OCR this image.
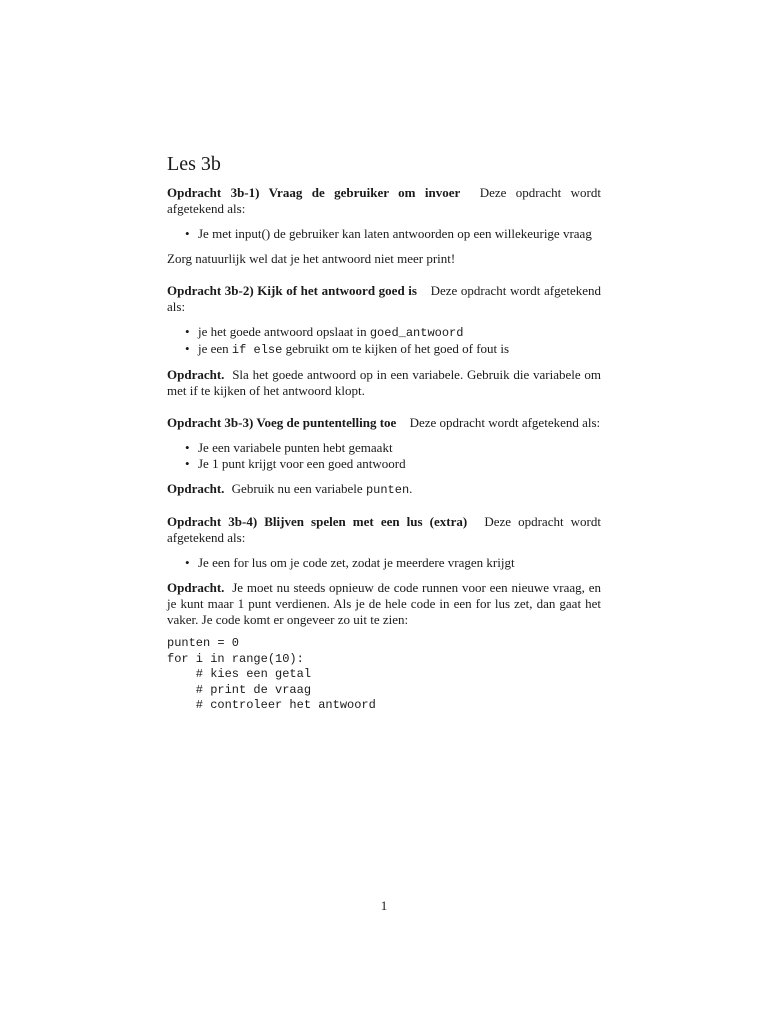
Les 3b

Opdracht 3b-1) Vraag de gebruiker om invoer Deze opdracht wordt afgetekend als:

• Je met input() de gebruiker kan laten antwoorden op een willekeurige vraag

Zorg natuurlijk wel dat je het antwoord niet meer print!

Opdracht 3b-2) Kijk of het antwoord goed is Deze opdracht wordt afgetekend als:

• je het goede antwoord opslaat in goed_antwoord
• je een if else gebruikt om te kijken of het goed of fout is

Opdracht. Sla het goede antwoord op in een variabele. Gebruik die variabele om met if te kijken of het antwoord klopt.

Opdracht 3b-3) Voeg de puntentelling toe Deze opdracht wordt afgetekend als:

• Je een variabele punten hebt gemaakt
• Je 1 punt krijgt voor een goed antwoord

Opdracht. Gebruik nu een variabele punten.

Opdracht 3b-4) Blijven spelen met een lus (extra) Deze opdracht wordt afgetekend als:

• Je een for lus om je code zet, zodat je meerdere vragen krijgt

Opdracht. Je moet nu steeds opnieuw de code runnen voor een nieuwe vraag, en je kunt maar 1 punt verdienen. Als je de hele code in een for lus zet, dan gaat het vaker. Je code komt er ongeveer zo uit te zien:

punten = 0
for i in range(10):
# kies een getal
# print de vraag
# controleer het antwoord
1
